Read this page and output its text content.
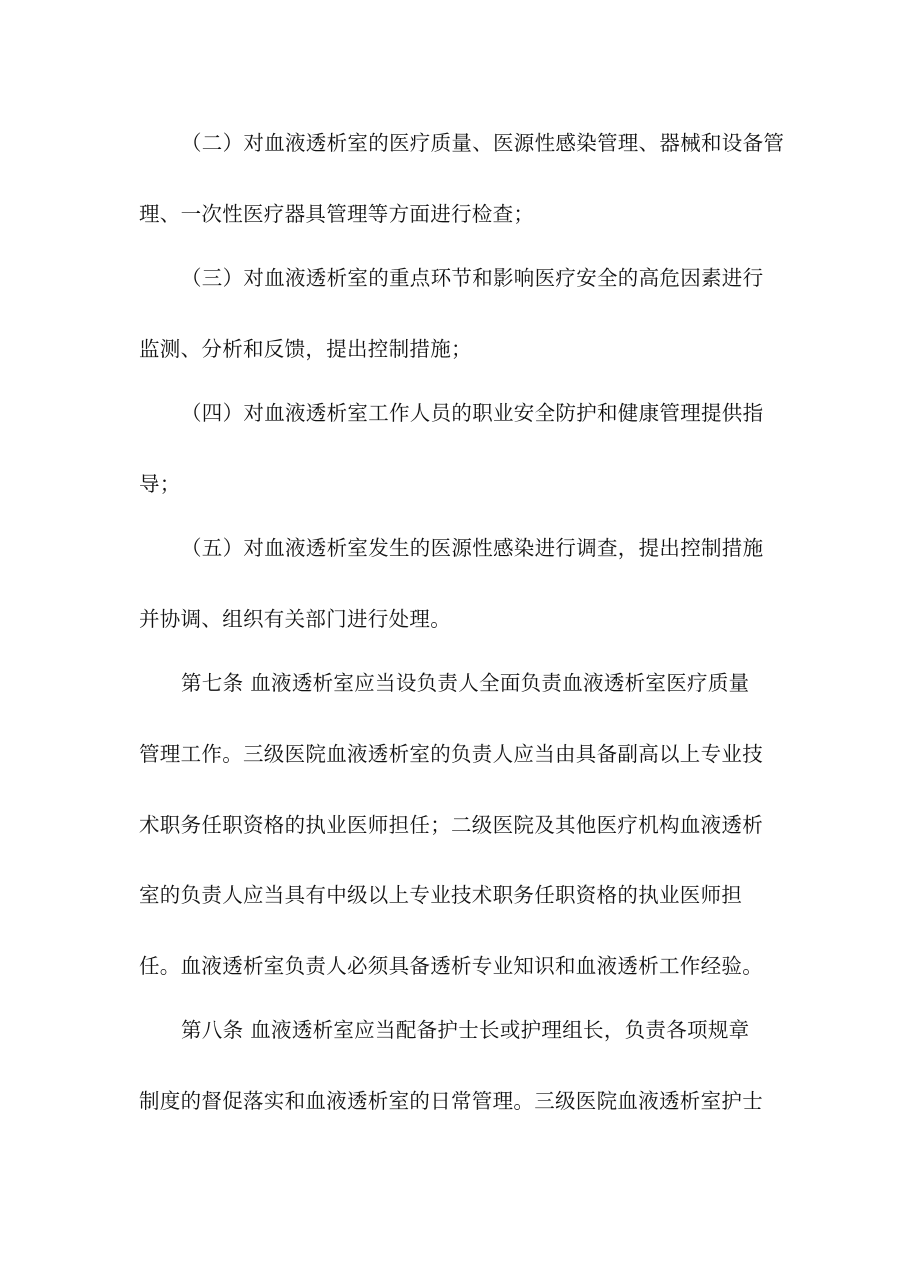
（二）对血液透析室的医疗质量、医源性感染管理、器械和设备管
理、一次性医疗器具管理等方面进行检查；
（三）对血液透析室的重点环节和影响医疗安全的高危因素进行
监测、分析和反馈，提出控制措施；
（四）对血液透析室工作人员的职业安全防护和健康管理提供指
导；
（五）对血液透析室发生的医源性感染进行调查，提出控制措施
并协调、组织有关部门进行处理。
第七条 血液透析室应当设负责人全面负责血液透析室医疗质量
管理工作。三级医院血液透析室的负责人应当由具备副高以上专业技
术职务任职资格的执业医师担任；二级医院及其他医疗机构血液透析
室的负责人应当具有中级以上专业技术职务任职资格的执业医师担
任。血液透析室负责人必须具备透析专业知识和血液透析工作经验。
第八条 血液透析室应当配备护士长或护理组长，负责各项规章
制度的督促落实和血液透析室的日常管理。三级医院血液透析室护士
